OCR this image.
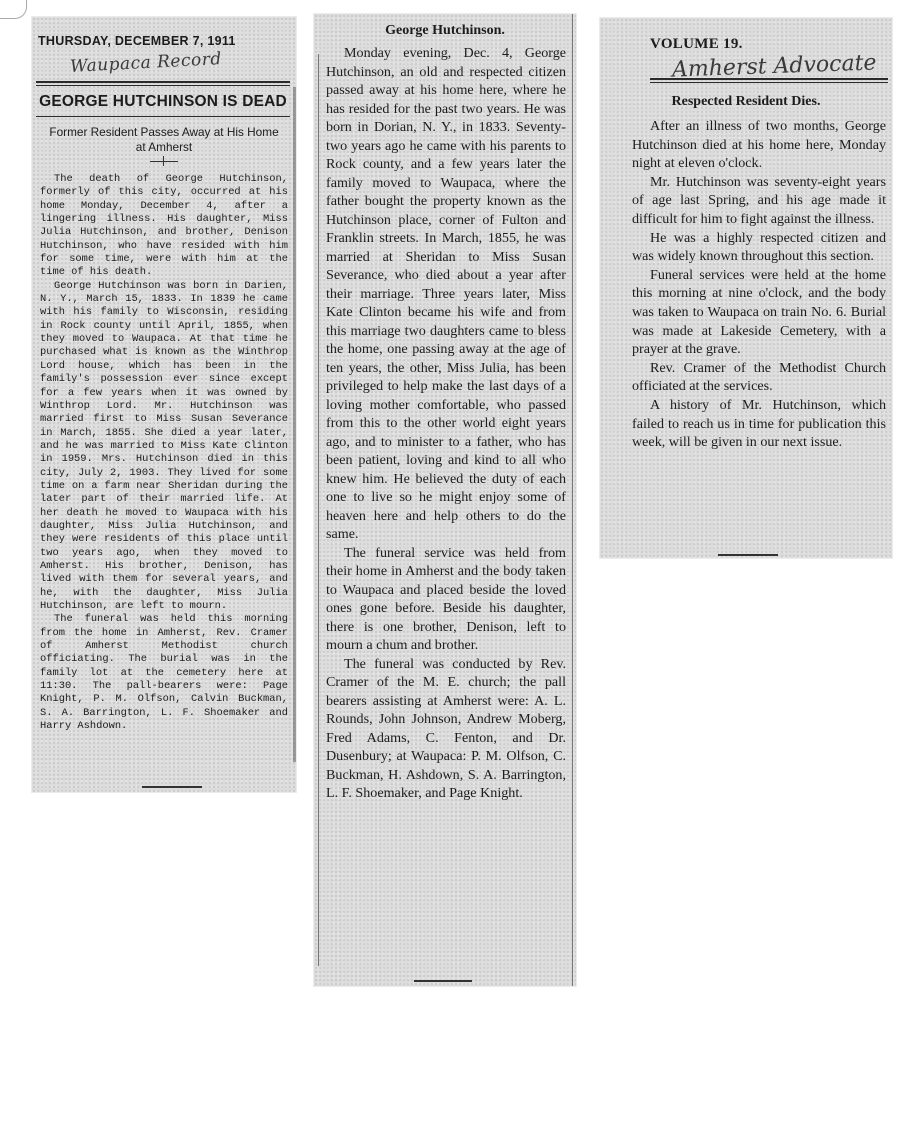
THURSDAY, DECEMBER 7, 1911
Waupaca Record
GEORGE HUTCHINSON IS DEAD
Former Resident Passes Away at His Home at Amherst

The death of George Hutchinson, formerly of this city, occurred at his home Monday, December 4, after a lingering illness. His daughter, Miss Julia Hutchinson, and brother, Denison Hutchinson, who have resided with him for some time, were with him at the time of his death.

George Hutchinson was born in Darien, N. Y., March 15, 1833. In 1839 he came with his family to Wisconsin, residing in Rock county until April, 1855, when they moved to Waupaca. At that time he purchased what is known as the Winthrop Lord house, which has been in the family's possession ever since except for a few years when it was owned by Winthrop Lord. Mr. Hutchinson was married first to Miss Susan Severance in March, 1855. She died a year later, and he was married to Miss Kate Clinton in 1959. Mrs. Hutchinson died in this city, July 2, 1903. They lived for some time on a farm near Sheridan during the later part of their married life. At her death he moved to Waupaca with his daughter, Miss Julia Hutchinson, and they were residents of this place until two years ago, when they moved to Amherst. His brother, Denison, has lived with them for several years, and he, with the daughter, Miss Julia Hutchinson, are left to mourn.

The funeral was held this morning from the home in Amherst, Rev. Cramer of Amherst Methodist church officiating. The burial was in the family lot at the cemetery here at 11:30. The pall-bearers were: Page Knight, P. M. Olfson, Calvin Buckman, S. A. Barrington, L. F. Shoemaker and Harry Ashdown.

George Hutchinson.

Monday evening, Dec. 4, George Hutchinson, an old and respected citizen passed away at his home here, where he has resided for the past two years. He was born in Dorian, N. Y., in 1833. Seventy-two years ago he came with his parents to Rock county, and a few years later the family moved to Waupaca, where the father bought the property known as the Hutchinson place, corner of Fulton and Franklin streets. In March, 1855, he was married at Sheridan to Miss Susan Severance, who died about a year after their marriage. Three years later, Miss Kate Clinton became his wife and from this marriage two daughters came to bless the home, one passing away at the age of ten years, the other, Miss Julia, has been privileged to help make the last days of a loving mother comfortable, who passed from this to the other world eight years ago, and to minister to a father, who has been patient, loving and kind to all who knew him. He believed the duty of each one to live so he might enjoy some of heaven here and help others to do the same.

The funeral service was held from their home in Amherst and the body taken to Waupaca and placed beside the loved ones gone before. Beside his daughter, there is one brother, Denison, left to mourn a chum and brother.

The funeral was conducted by Rev. Cramer of the M. E. church; the pall bearers assisting at Amherst were: A. L. Rounds, John Johnson, Andrew Moberg, Fred Adams, C. Fenton, and Dr. Dusenbury; at Waupaca: P. M. Olfson, C. Buckman, H. Ashdown, S. A. Barrington, L. F. Shoemaker, and Page Knight.

VOLUME 19.
Amherst Advocate
Respected Resident Dies.

After an illness of two months, George Hutchinson died at his home here, Monday night at eleven o'clock.

Mr. Hutchinson was seventy-eight years of age last Spring, and his age made it difficult for him to fight against the illness.

He was a highly respected citizen and was widely known throughout this section.

Funeral services were held at the home this morning at nine o'clock, and the body was taken to Waupaca on train No. 6. Burial was made at Lakeside Cemetery, with a prayer at the grave.

Rev. Cramer of the Methodist Church officiated at the services.

A history of Mr. Hutchinson, which failed to reach us in time for publication this week, will be given in our next issue.
